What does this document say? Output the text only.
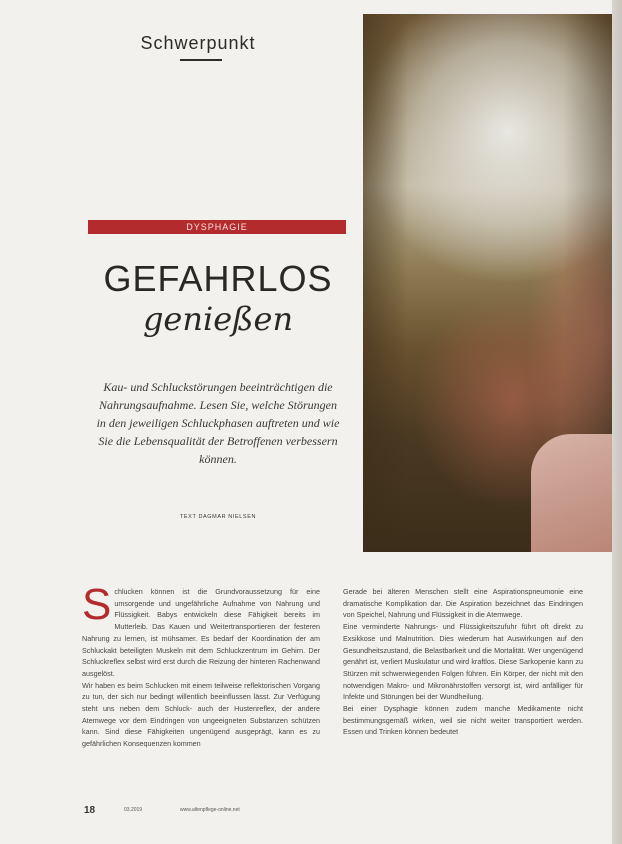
Schwerpunkt
DYSPHAGIE
GEFAHRLOS
genießen
Kau- und Schluckstörungen beeinträchtigen die Nahrungsaufnahme. Lesen Sie, welche Störungen in den jeweiligen Schluckphasen auftreten und wie Sie die Lebensqualität der Betroffenen verbessern können.
TEXT DAGMAR NIELSEN

Schlucken können ist die Grundvoraussetzung für eine umsorgende und ungefährliche Aufnahme von Nahrung und Flüssigkeit. Babys entwickeln diese Fähigkeit bereits im Mutterleib. Das Kauen und Weitertransportieren der festeren Nahrung zu lernen, ist mühsamer. Es bedarf der Koordination der am Schluckakt beteiligten Muskeln mit dem Schluckzentrum im Gehirn. Der Schluckreflex selbst wird erst durch die Reizung der hinteren Rachenwand ausgelöst.

Wir haben es beim Schlucken mit einem teilweise reflektorischen Vorgang zu tun, der sich nur bedingt willentlich beeinflussen lässt. Zur Verfügung steht uns neben dem Schluck- auch der Hustenreflex, der andere Atemwege vor dem Eindringen von ungeeigneten Substanzen schützen kann. Sind diese Fähigkeiten ungenügend ausgeprägt, kann es zu gefährlichen Konsequenzen kommen

Gerade bei älteren Menschen stellt eine Aspirationspneumonie eine dramatische Komplikation dar. Die Aspiration bezeichnet das Eindringen von Speichel, Nahrung und Flüssigkeit in die Atemwege.

Eine verminderte Nahrungs- und Flüssigkeitszufuhr führt oft direkt zu Exsikkose und Malnutrition. Dies wiederum hat Auswirkungen auf den Gesundheitszustand, die Belastbarkeit und die Mortalität. Wer ungenügend genährt ist, verliert Muskulatur und wird kraftlos. Diese Sarkopenie kann zu Stürzen mit schwerwiegenden Folgen führen. Ein Körper, der nicht mit den notwendigen Makro- und Mikronährstoffen versorgt ist, wird anfälliger für Infekte und Störungen bei der Wundheilung.

Bei einer Dysphagie können zudem manche Medikamente nicht bestimmungsgemäß wirken, weil sie nicht weiter transportiert werden. Essen und Trinken können bedeutet

18	03.2019	www.altenpflege-online.net
